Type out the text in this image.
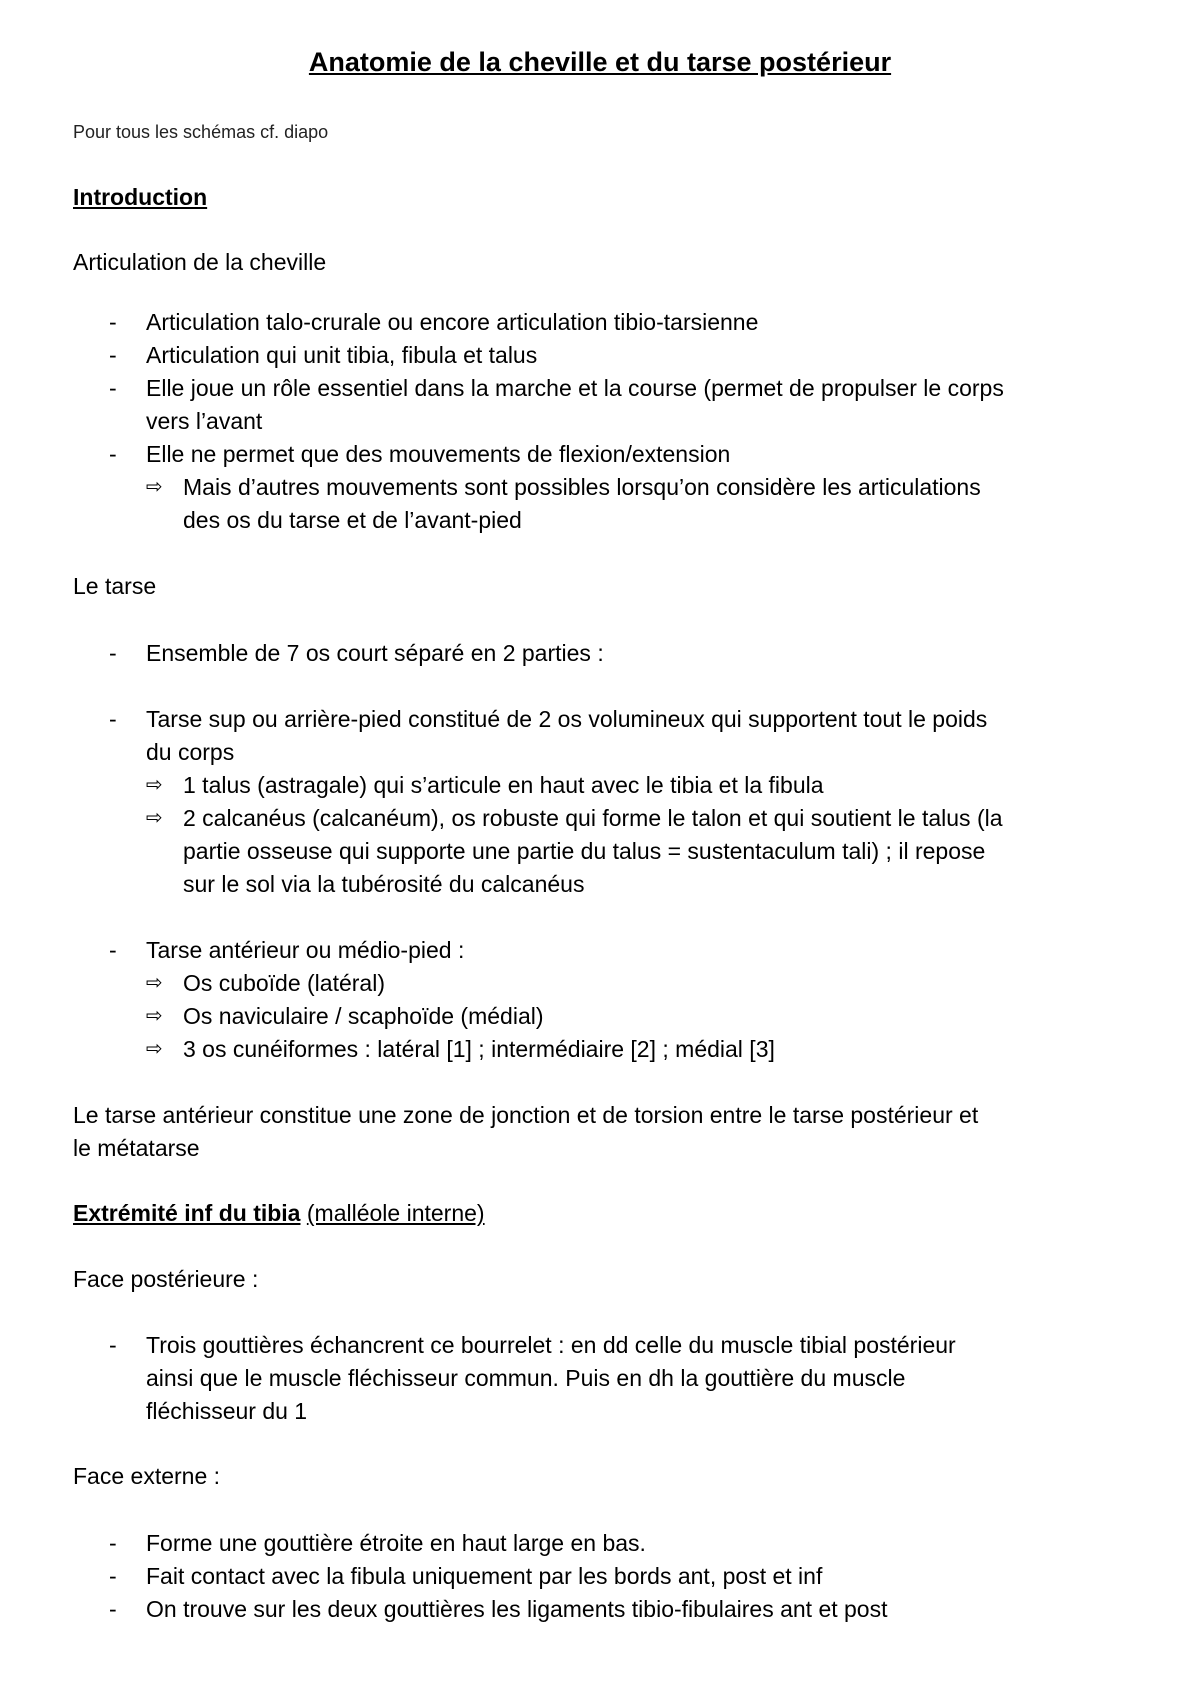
Anatomie de la cheville et du tarse postérieur
Pour tous les schémas cf. diapo
Introduction
Articulation de la cheville
- Articulation talo-crurale ou encore articulation tibio-tarsienne
- Articulation qui unit tibia, fibula et talus
- Elle joue un rôle essentiel dans la marche et la course (permet de propulser le corps
vers l’avant
- Elle ne permet que des mouvements de flexion/extension
⇨ Mais d’autres mouvements sont possibles lorsqu’on considère les articulations
des os du tarse et de l’avant-pied
Le tarse
- Ensemble de 7 os court séparé en 2 parties :
- Tarse sup ou arrière-pied constitué de 2 os volumineux qui supportent tout le poids
du corps
⇨ 1 talus (astragale) qui s’articule en haut avec le tibia et la fibula
⇨ 2 calcanéus (calcanéum), os robuste qui forme le talon et qui soutient le talus (la
partie osseuse qui supporte une partie du talus = sustentaculum tali) ; il repose
sur le sol via la tubérosité du calcanéus
- Tarse antérieur ou médio-pied :
⇨ Os cuboïde (latéral)
⇨ Os naviculaire / scaphoïde (médial)
⇨ 3 os cunéiformes : latéral [1] ; intermédiaire [2] ; médial [3]
Le tarse antérieur constitue une zone de jonction et de torsion entre le tarse postérieur et
le métatarse
Extrémité inf du tibia (malléole interne)
Face postérieure :
- Trois gouttières échancrent ce bourrelet : en dd celle du muscle tibial postérieur
ainsi que le muscle fléchisseur commun. Puis en dh la gouttière du muscle
fléchisseur du 1
Face externe :
- Forme une gouttière étroite en haut large en bas.
- Fait contact avec la fibula uniquement par les bords ant, post et inf
- On trouve sur les deux gouttières les ligaments tibio-fibulaires ant et post
